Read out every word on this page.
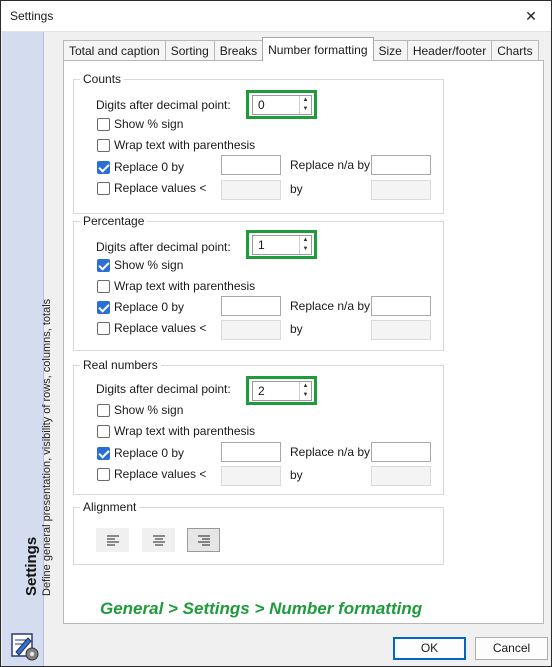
Settings	✕
Settings Define general presentation, visibility of rows, columns, totals
Total and caption Sorting Breaks Number formatting Size Header/footer Charts
Counts
Digits after decimal point: 0	▲
▼
Show % sign
Wrap text with parenthesis
Replace 0 by	Replace n/a by
Replace values <	by
Percentage
Digits after decimal point: 1	▲
▼
Show % sign
Wrap text with parenthesis
Replace 0 by	Replace n/a by
Replace values <	by
Real numbers
Digits after decimal point: 2	▲
▼
Show % sign
Wrap text with parenthesis
Replace 0 by	Replace n/a by
Replace values <	by
Alignment
General > Settings > Number formatting
OK	Cancel
